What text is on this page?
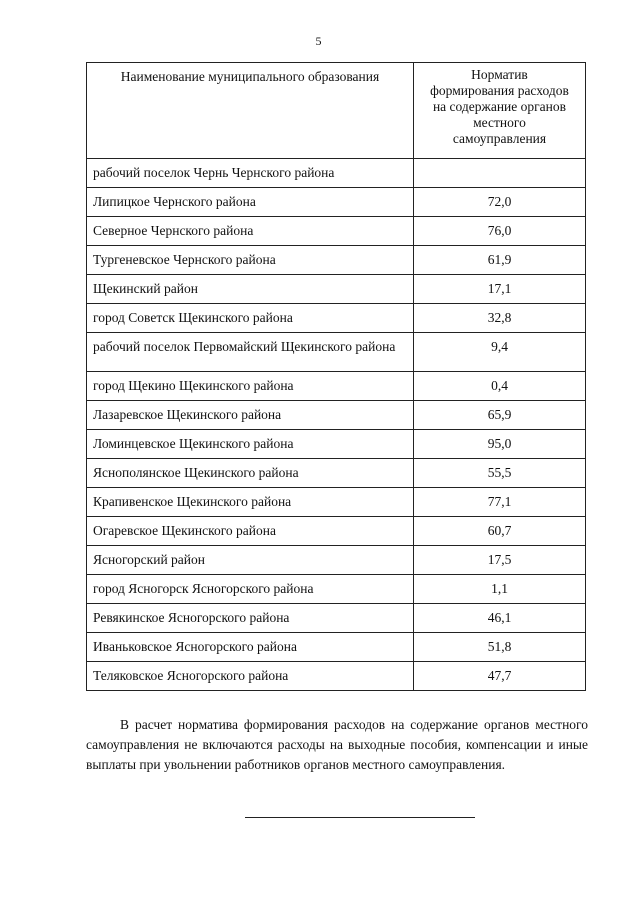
5
Наименование муниципального образования	Норматив
формирования расходов
на содержание органов
местного
самоуправления

рабочий поселок Чернь Чернского района	
Липицкое Чернского района	72,0
Северное Чернского района	76,0
Тургеневское Чернского района	61,9
Щекинский район	17,1
город Советск Щекинского района	32,8
рабочий поселок Первомайский Щекинского района	9,4
город Щекино Щекинского района	0,4
Лазаревское Щекинского района	65,9
Ломинцевское Щекинского района	95,0
Яснополянское Щекинского района	55,5
Крапивенское Щекинского района	77,1
Огаревское Щекинского района	60,7
Ясногорский район	17,5
город Ясногорск Ясногорского района	1,1
Ревякинское Ясногорского района	46,1
Иваньковское Ясногорского района	51,8
Теляковское Ясногорского района	47,7

В расчет норматива формирования расходов на содержание органов местного самоуправления не включаются расходы на выходные пособия, компенсации и иные выплаты при увольнении работников органов местного самоуправления.
